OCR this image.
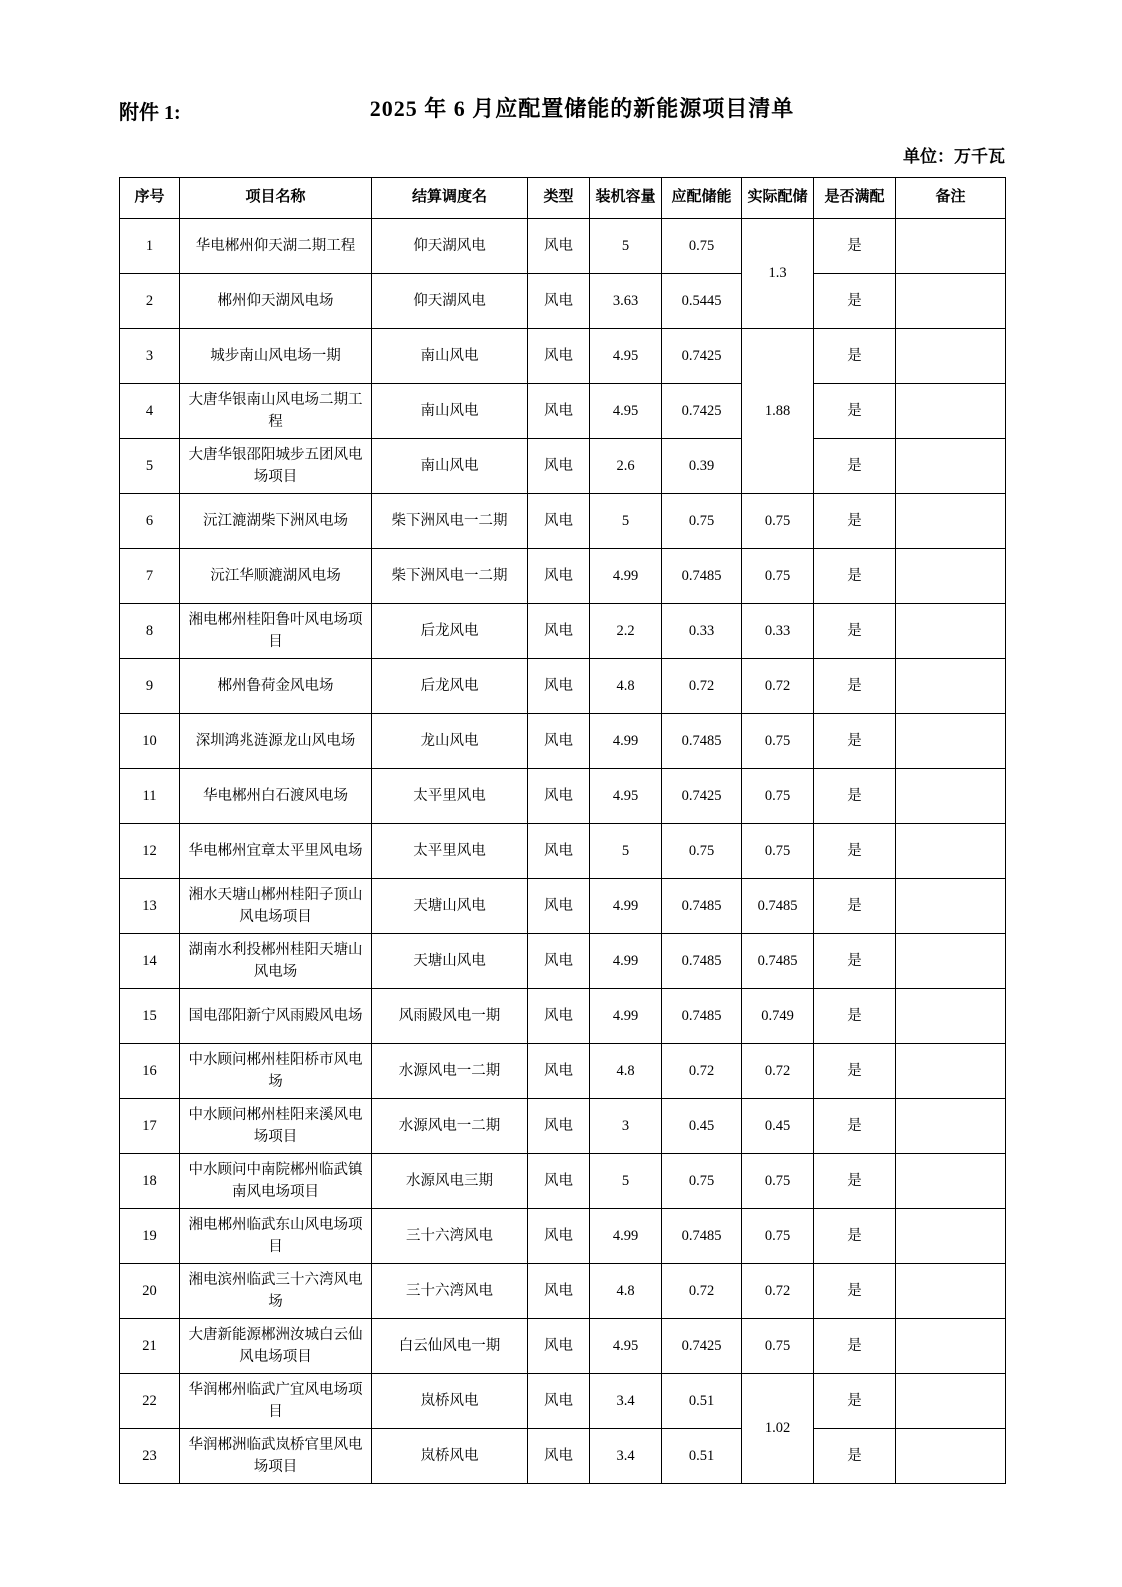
附件 1:	2025 年 6 月应配置储能的新能源项目清单
单位：万千瓦
序号	项目名称	结算调度名	类型	装机容量	应配储能	实际配储	是否满配	备注
1	华电郴州仰天湖二期工程	仰天湖风电	风电	5	0.75	1.3	是	
2	郴州仰天湖风电场	仰天湖风电	风电	3.63	0.5445		是	
3	城步南山风电场一期	南山风电	风电	4.95	0.7425	1.88	是	
4	大唐华银南山风电场二期工程	南山风电	风电	4.95	0.7425		是	
5	大唐华银邵阳城步五团风电场项目	南山风电	风电	2.6	0.39		是	
6	沅江漉湖柴下洲风电场	柴下洲风电一二期	风电	5	0.75	0.75	是	
7	沅江华顺漉湖风电场	柴下洲风电一二期	风电	4.99	0.7485	0.75	是	
8	湘电郴州桂阳鲁叶风电场项目	后龙风电	风电	2.2	0.33	0.33	是	
9	郴州鲁荷金风电场	后龙风电	风电	4.8	0.72	0.72	是	
10	深圳鸿兆涟源龙山风电场	龙山风电	风电	4.99	0.7485	0.75	是	
11	华电郴州白石渡风电场	太平里风电	风电	4.95	0.7425	0.75	是	
12	华电郴州宜章太平里风电场	太平里风电	风电	5	0.75	0.75	是	
13	湘水天塘山郴州桂阳子顶山风电场项目	天塘山风电	风电	4.99	0.7485	0.7485	是	
14	湖南水利投郴州桂阳天塘山风电场	天塘山风电	风电	4.99	0.7485	0.7485	是	
15	国电邵阳新宁风雨殿风电场	风雨殿风电一期	风电	4.99	0.7485	0.749	是	
16	中水顾问郴州桂阳桥市风电场	水源风电一二期	风电	4.8	0.72	0.72	是	
17	中水顾问郴州桂阳来溪风电场项目	水源风电一二期	风电	3	0.45	0.45	是	
18	中水顾问中南院郴州临武镇南风电场项目	水源风电三期	风电	5	0.75	0.75	是	
19	湘电郴州临武东山风电场项目	三十六湾风电	风电	4.99	0.7485	0.75	是	
20	湘电滨州临武三十六湾风电场	三十六湾风电	风电	4.8	0.72	0.72	是	
21	大唐新能源郴洲汝城白云仙风电场项目	白云仙风电一期	风电	4.95	0.7425	0.75	是	
22	华润郴州临武广宜风电场项目	岚桥风电	风电	3.4	0.51	1.02	是	
23	华润郴洲临武岚桥官里风电场项目	岚桥风电	风电	3.4	0.51		是	
